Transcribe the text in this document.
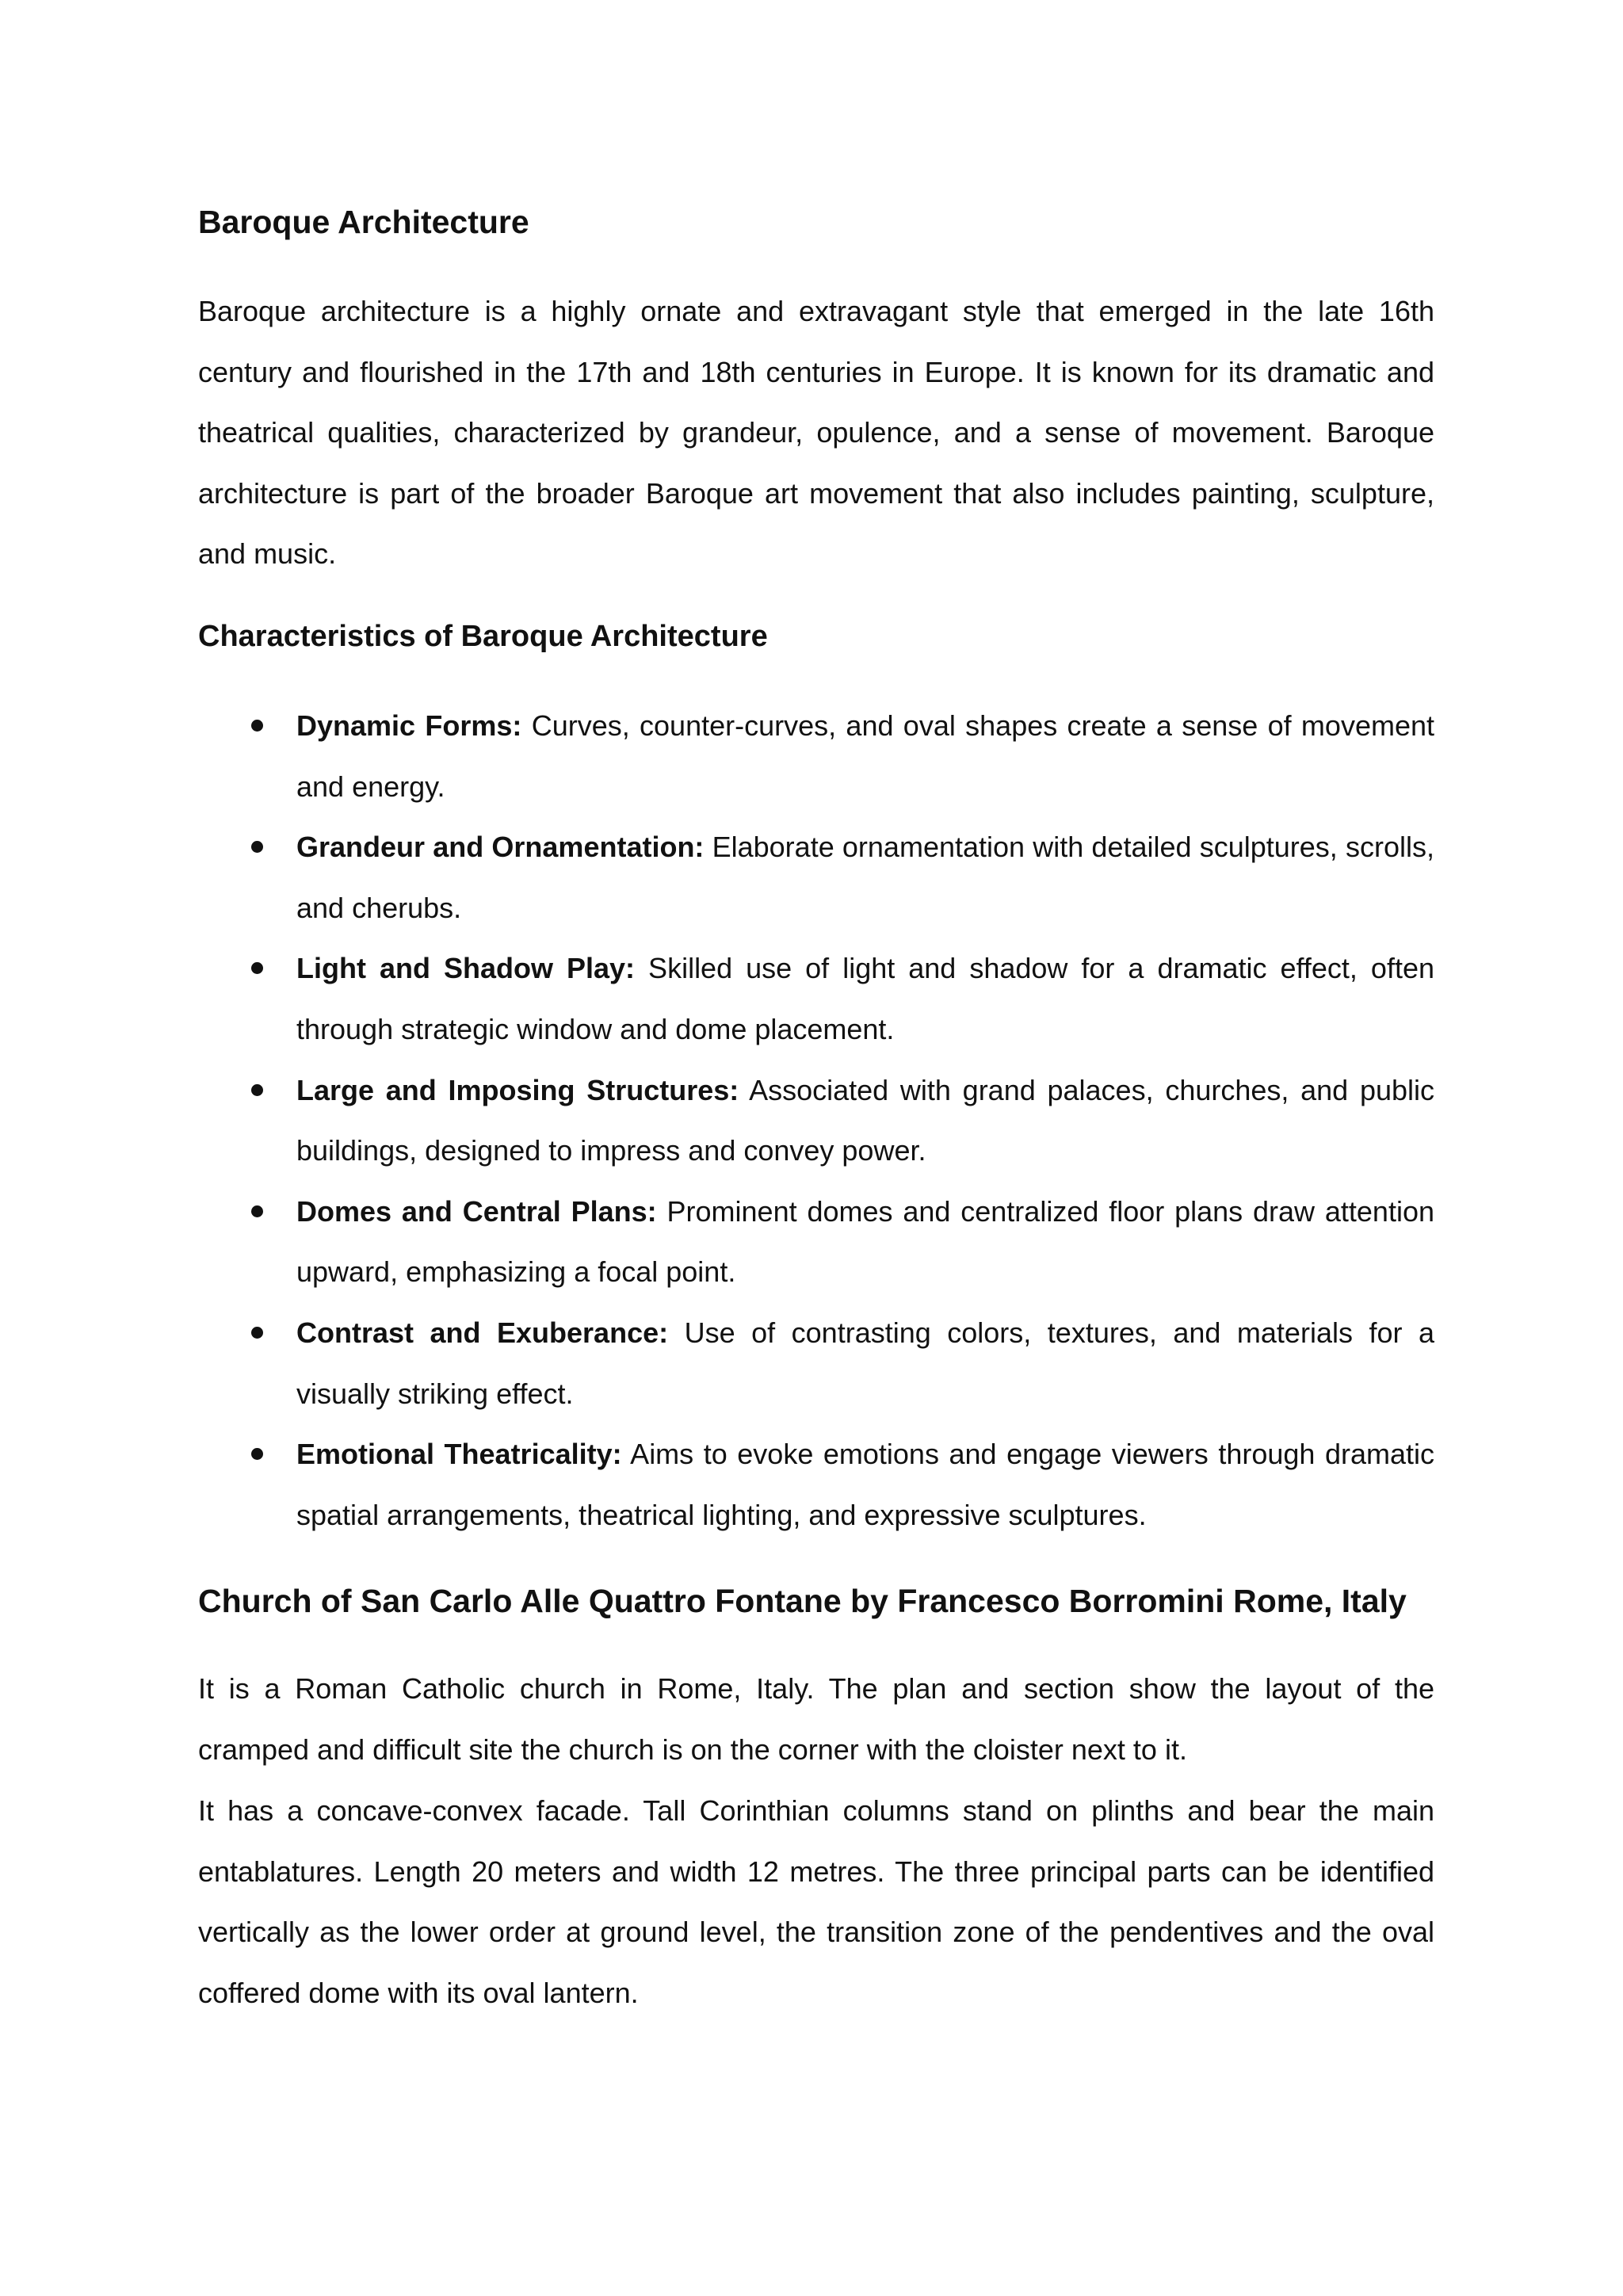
Baroque Architecture

Baroque architecture is a highly ornate and extravagant style that emerged in the late 16th century and flourished in the 17th and 18th centuries in Europe. It is known for its dramatic and theatrical qualities, characterized by grandeur, opulence, and a sense of movement. Baroque architecture is part of the broader Baroque art movement that also includes painting, sculpture, and music.

Characteristics of Baroque Architecture
Dynamic Forms: Curves, counter-curves, and oval shapes create a sense of movement and energy.
Grandeur and Ornamentation: Elaborate ornamentation with detailed sculptures, scrolls, and cherubs.
Light and Shadow Play: Skilled use of light and shadow for a dramatic effect, often through strategic window and dome placement.
Large and Imposing Structures: Associated with grand palaces, churches, and public buildings, designed to impress and convey power.
Domes and Central Plans: Prominent domes and centralized floor plans draw attention upward, emphasizing a focal point.
Contrast and Exuberance: Use of contrasting colors, textures, and materials for a visually striking effect.
Emotional Theatricality: Aims to evoke emotions and engage viewers through dramatic spatial arrangements, theatrical lighting, and expressive sculptures.
Church of San Carlo Alle Quattro Fontane by Francesco Borromini Rome, Italy

It is a Roman Catholic church in Rome, Italy. The plan and section show the layout of the cramped and difficult site the church is on the corner with the cloister next to it.

It has a concave-convex facade. Tall Corinthian columns stand on plinths and bear the main entablatures. Length 20 meters and width 12 metres. The three principal parts can be identified vertically as the lower order at ground level, the transition zone of the pendentives and the oval coffered dome with its oval lantern.
